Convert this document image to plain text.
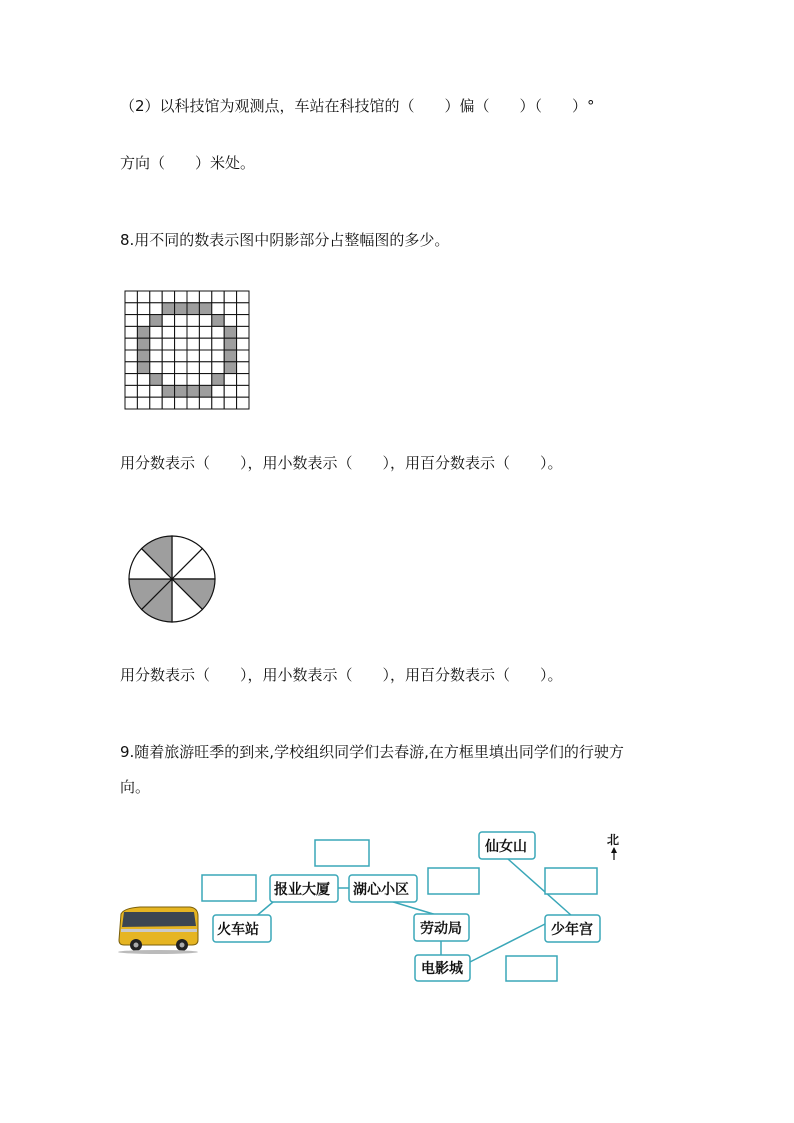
（2）以科技馆为观测点，车站在科技馆的（　　）偏（　　）（　　）°
方向（　　）米处。
8.用不同的数表示图中阴影部分占整幅图的多少。
用分数表示（　　），用小数表示（　　），用百分数表示（　　）。
用分数表示（　　），用小数表示（　　），用百分数表示（　　）。
9.随着旅游旺季的到来,学校组织同学们去春游,在方框里填出同学们的行驶方
向。
火车站
报业大厦 湖心小区
劳动局
电影城
少年宫
仙女山	北
